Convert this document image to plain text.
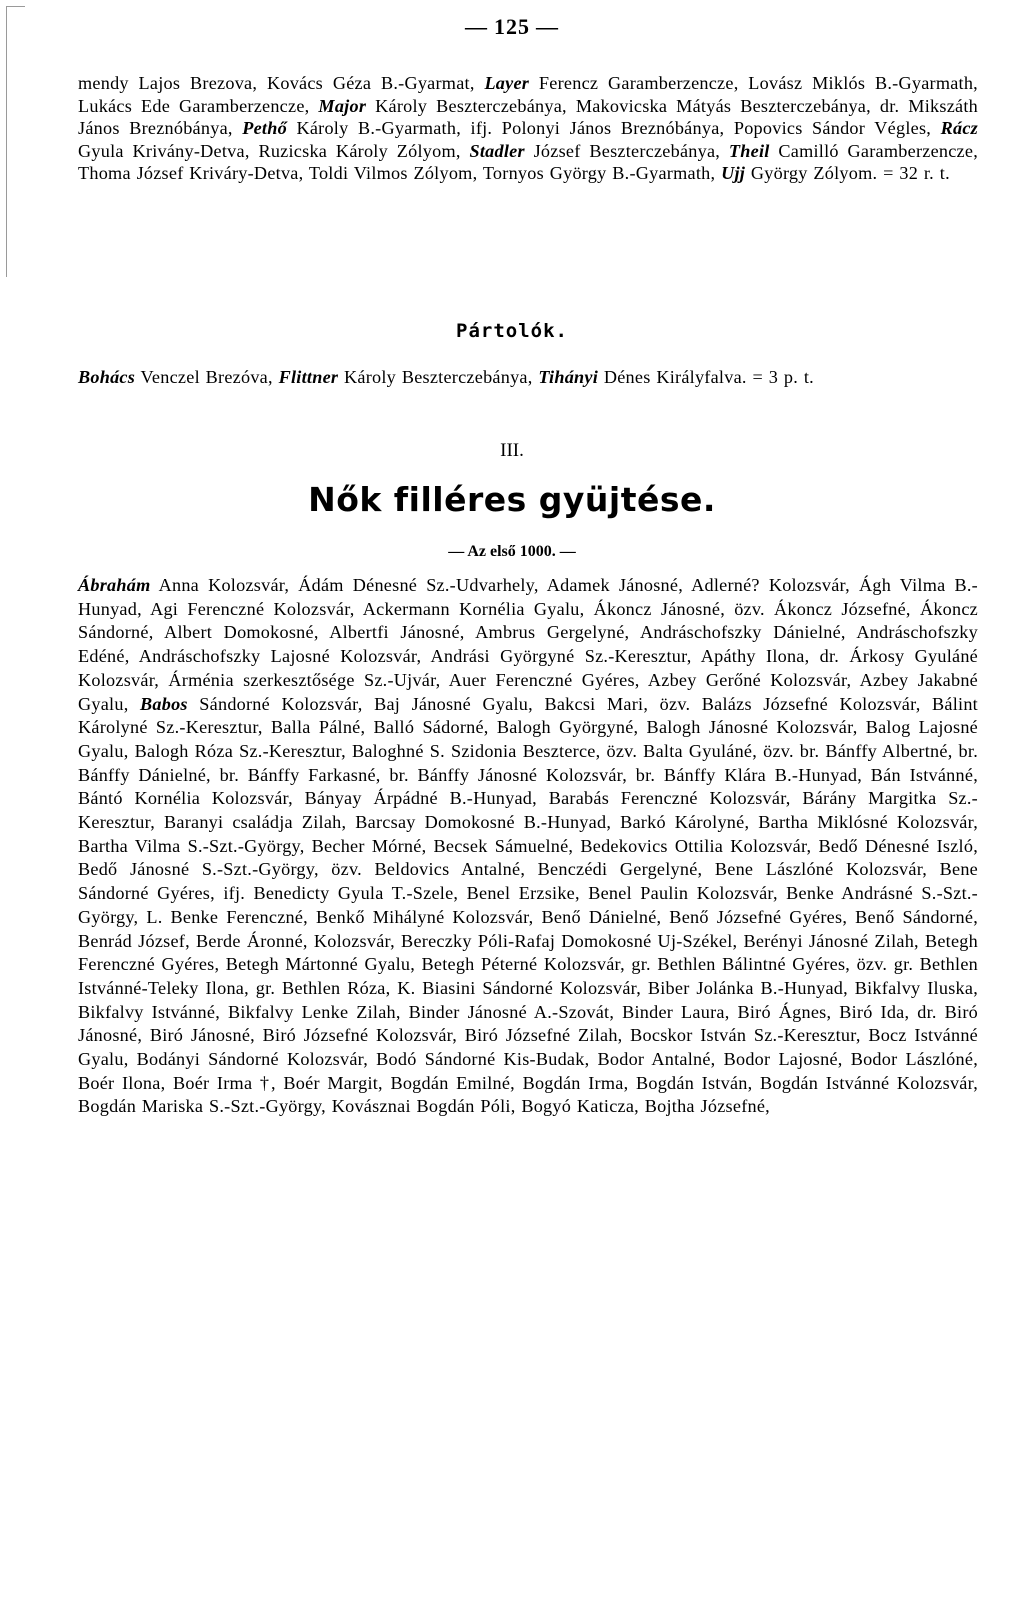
— 125 —
mendy Lajos Brezova, Kovács Géza B.-Gyarmat, Layer Ferencz Garamberzencze, Lovász Miklós B.-Gyarmath, Lukács Ede Garamberzencze, Major Károly Beszterczebánya, Makovicska Mátyás Beszterczebánya, dr. Mikszáth János Breznóbánya, Pethő Károly B.-Gyarmath, ifj. Polonyi János Breznóbánya, Popovics Sándor Végles, Rácz Gyula Krivány-Detva, Ruzicska Károly Zólyom, Stadler József Beszterczebánya, Theil Camilló Garamberzencze, Thoma József Kriváry-Detva, Toldi Vilmos Zólyom, Tornyos György B.-Gyarmath, Ujj György Zólyom. = 32 r. t.
Pártolók.
Bohács Venczel Brezóva, Flittner Károly Beszterczebánya, Tihányi Dénes Királyfalva. = 3 p. t.
III.
Nők filléres gyüjtése.
— Az első 1000. —
Ábrahám Anna Kolozsvár, Ádám Dénesné Sz.-Udvarhely, Adamek Jánosné, Adlerné? Kolozsvár, Ágh Vilma B.-Hunyad, Agi Ferenczné Kolozsvár, Ackermann Kornélia Gyalu, Ákoncz Jánosné, özv. Ákoncz Józsefné, Ákoncz Sándorné, Albert Domokosné, Albertfi Jánosné, Ambrus Gergelyné, Andráschofszky Dánielné, Andráschofszky Edéné, Andráschofszky Lajosné Kolozsvár, Andrási Györgyné Sz.-Keresztur, Apáthy Ilona, dr. Árkosy Gyuláné Kolozsvár, Árménia szerkesztősége Sz.-Ujvár, Auer Ferenczné Gyéres, Azbey Gerőné Kolozsvár, Azbey Jakabné Gyalu, Babos Sándorné Kolozsvár, Baj Jánosné Gyalu, Bakcsi Mari, özv. Balázs Józsefné Kolozsvár, Bálint Károlyné Sz.-Keresztur, Balla Pálné, Balló Sádorné, Balogh Györgyné, Balogh Jánosné Kolozsvár, Balog Lajosné Gyalu, Balogh Róza Sz.-Keresztur, Baloghné S. Szidonia Beszterce, özv. Balta Gyuláné, özv. br. Bánffy Albertné, br. Bánffy Dánielné, br. Bánffy Farkasné, br. Bánffy Jánosné Kolozsvár, br. Bánffy Klára B.-Hunyad, Bán Istvánné, Bántó Kornélia Kolozsvár, Bányay Árpádné B.-Hunyad, Barabás Ferenczné Kolozsvár, Bárány Margitka Sz.-Keresztur, Baranyi családja Zilah, Barcsay Domokosné B.-Hunyad, Barkó Károlyné, Bartha Miklósné Kolozsvár, Bartha Vilma S.-Szt.-György, Becher Mórné, Becsek Sámuelné, Bedekovics Ottilia Kolozsvár, Bedő Dénesné Iszló, Bedő Jánosné S.-Szt.-György, özv. Beldovics Antalné, Benczédi Gergelyné, Bene Lászlóné Kolozsvár, Bene Sándorné Gyéres, ifj. Benedicty Gyula T.-Szele, Benel Erzsike, Benel Paulin Kolozsvár, Benke Andrásné S.-Szt.-György, L. Benke Ferenczné, Benkő Mihályné Kolozsvár, Benő Dánielné, Benő Józsefné Gyéres, Benő Sándorné, Benrád József, Berde Áronné, Kolozsvár, Bereczky Póli-Rafaj Domokosné Uj-Székel, Berényi Jánosné Zilah, Betegh Ferenczné Gyéres, Betegh Mártonné Gyalu, Betegh Péterné Kolozsvár, gr. Bethlen Bálintné Gyéres, özv. gr. Bethlen Istvánné-Teleky Ilona, gr. Bethlen Róza, K. Biasini Sándorné Kolozsvár, Biber Jolánka B.-Hunyad, Bikfalvy Iluska, Bikfalvy Istvánné, Bikfalvy Lenke Zilah, Binder Jánosné A.-Szovát, Binder Laura, Biró Ágnes, Biró Ida, dr. Biró Jánosné, Biró Jánosné, Biró Józsefné Kolozsvár, Biró Józsefné Zilah, Bocskor István Sz.-Keresztur, Bocz Istvánné Gyalu, Bodányi Sándorné Kolozsvár, Bodó Sándorné Kis-Budak, Bodor Antalné, Bodor Lajosné, Bodor Lászlóné, Boér Ilona, Boér Irma †, Boér Margit, Bogdán Emilné, Bogdán Irma, Bogdán István, Bogdán Istvánné Kolozsvár, Bogdán Mariska S.-Szt.-György, Kovásznai Bogdán Póli, Bogyó Katicza, Bojtha Józsefné,
